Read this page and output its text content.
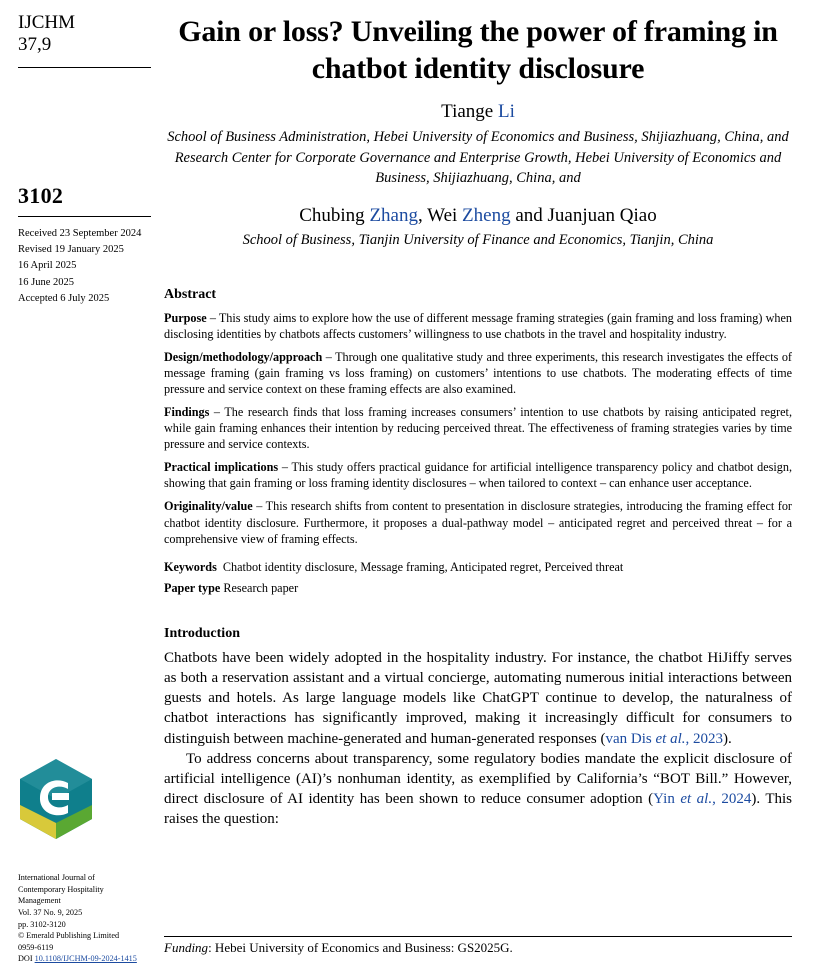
IJCHM
37,9
3102
Received 23 September 2024
Revised 19 January 2025
16 April 2025
16 June 2025
Accepted 6 July 2025
International Journal of
Contemporary Hospitality
Management
Vol. 37 No. 9, 2025
pp. 3102-3120
© Emerald Publishing Limited
0959-6119
DOI 10.1108/IJCHM-09-2024-1415
Gain or loss? Unveiling the power of framing in chatbot identity disclosure
Tiange Li
School of Business Administration, Hebei University of Economics and Business, Shijiazhuang, China, and Research Center for Corporate Governance and Enterprise Growth, Hebei University of Economics and Business, Shijiazhuang, China, and
Chubing Zhang, Wei Zheng and Juanjuan Qiao
School of Business, Tianjin University of Finance and Economics, Tianjin, China
Abstract

Purpose – This study aims to explore how the use of different message framing strategies (gain framing and loss framing) when disclosing identities by chatbots affects customers’ willingness to use chatbots in the travel and hospitality industry.

Design/methodology/approach – Through one qualitative study and three experiments, this research investigates the effects of message framing (gain framing vs loss framing) on customers’ intentions to use chatbots. The moderating effects of time pressure and service context on these framing effects are also examined.

Findings – The research finds that loss framing increases consumers’ intention to use chatbots by raising anticipated regret, while gain framing enhances their intention by reducing perceived threat. The effectiveness of framing strategies varies by time pressure and service contexts.

Practical implications – This study offers practical guidance for artificial intelligence transparency policy and chatbot design, showing that gain framing or loss framing identity disclosures – when tailored to context – can enhance user acceptance.

Originality/value – This research shifts from content to presentation in disclosure strategies, introducing the framing effect for chatbot identity disclosure. Furthermore, it proposes a dual-pathway model – anticipated regret and perceived threat – for a comprehensive view of framing effects.

Keywords Chatbot identity disclosure, Message framing, Anticipated regret, Perceived threat

Paper type Research paper

Introduction

Chatbots have been widely adopted in the hospitality industry. For instance, the chatbot HiJiffy serves as both a reservation assistant and a virtual concierge, automating numerous initial interactions between guests and hotels. As large language models like ChatGPT continue to develop, the naturalness of chatbot interactions has significantly improved, making it increasingly difficult for consumers to distinguish between machine-generated and human-generated responses (van Dis et al., 2023).

To address concerns about transparency, some regulatory bodies mandate the explicit disclosure of artificial intelligence (AI)’s nonhuman identity, as exemplified by California’s “BOT Bill.” However, direct disclosure of AI identity has been shown to reduce consumer adoption (Yin et al., 2024). This raises the question:

Funding: Hebei University of Economics and Business: GS2025G.
